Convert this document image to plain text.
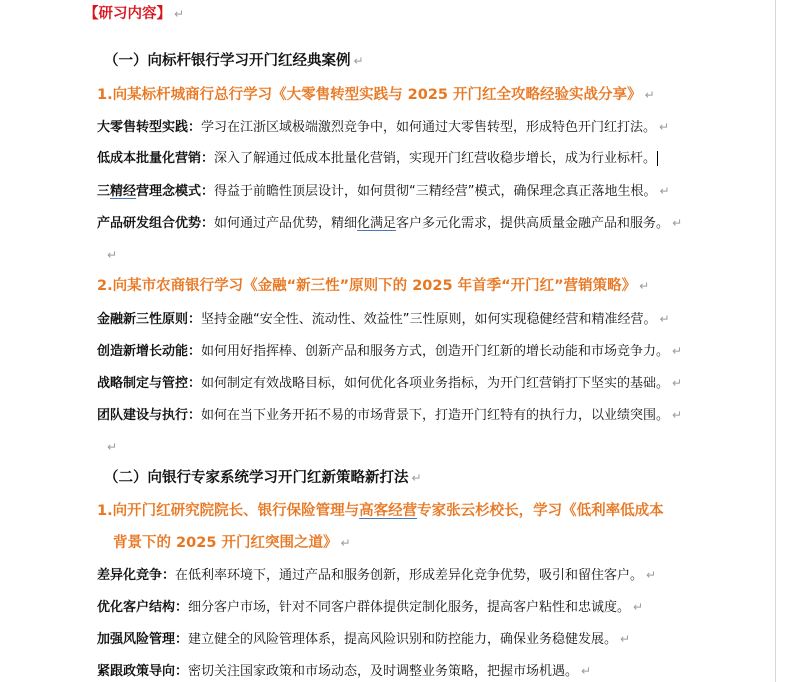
【研习内容】 ↵
（一）向标杆银行学习开门红经典案例 ↵
1.向某标杆城商行总行学习《大零售转型实践与 2025 开门红全攻略经验实战分享》 ↵
大零售转型实践：学习在江浙区域极端激烈竞争中，如何通过大零售转型，形成特色开门红打法。 ↵
低成本批量化营销：深入了解通过低成本批量化营销，实现开门红营收稳步增长，成为行业标杆。
三精经营理念模式：得益于前瞻性顶层设计，如何贯彻“三精经营”模式，确保理念真正落地生根。 ↵
产品研发组合优势：如何通过产品优势，精细化满足客户多元化需求，提供高质量金融产品和服务。 ↵
↵
2.向某市农商银行学习《金融“新三性”原则下的 2025 年首季“开门红”营销策略》 ↵
金融新三性原则：坚持金融“安全性、流动性、效益性”三性原则，如何实现稳健经营和精准经营。 ↵
创造新增长动能：如何用好指挥棒、创新产品和服务方式，创造开门红新的增长动能和市场竞争力。 ↵
战略制定与管控：如何制定有效战略目标，如何优化各项业务指标，为开门红营销打下坚实的基础。 ↵
团队建设与执行：如何在当下业务开拓不易的市场背景下，打造开门红特有的执行力，以业绩突围。 ↵
↵
（二）向银行专家系统学习开门红新策略新打法 ↵
1.向开门红研究院院长、银行保险管理与高客经营专家张云杉校长，学习《低利率低成本
背景下的 2025 开门红突围之道》 ↵
差异化竞争：在低利率环境下，通过产品和服务创新，形成差异化竞争优势，吸引和留住客户。 ↵
优化客户结构：细分客户市场，针对不同客户群体提供定制化服务，提高客户粘性和忠诚度。 ↵
加强风险管理：建立健全的风险管理体系，提高风险识别和防控能力，确保业务稳健发展。 ↵
紧跟政策导向：密切关注国家政策和市场动态，及时调整业务策略，把握市场机遇。 ↵
